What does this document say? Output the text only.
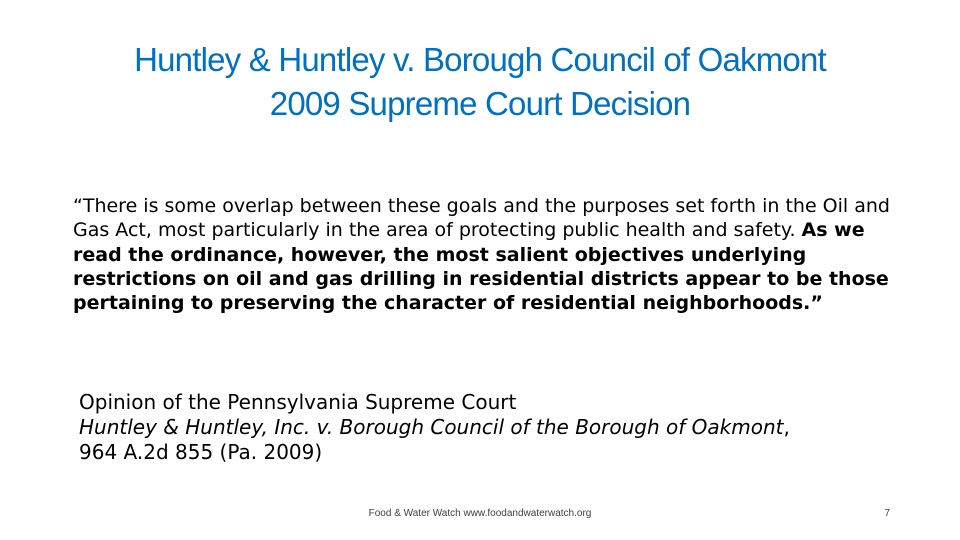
Huntley & Huntley v. Borough Council of Oakmont
2009 Supreme Court Decision
“There is some overlap between these goals and the purposes set forth in the Oil and Gas Act, most particularly in the area of protecting public health and safety. As we read the ordinance, however, the most salient objectives underlying restrictions on oil and gas drilling in residential districts appear to be those pertaining to preserving the character of residential neighborhoods.”
Opinion of the Pennsylvania Supreme Court
Huntley & Huntley, Inc. v. Borough Council of the Borough of Oakmont,
964 A.2d 855 (Pa. 2009)
Food & Water Watch www.foodandwaterwatch.org	7
